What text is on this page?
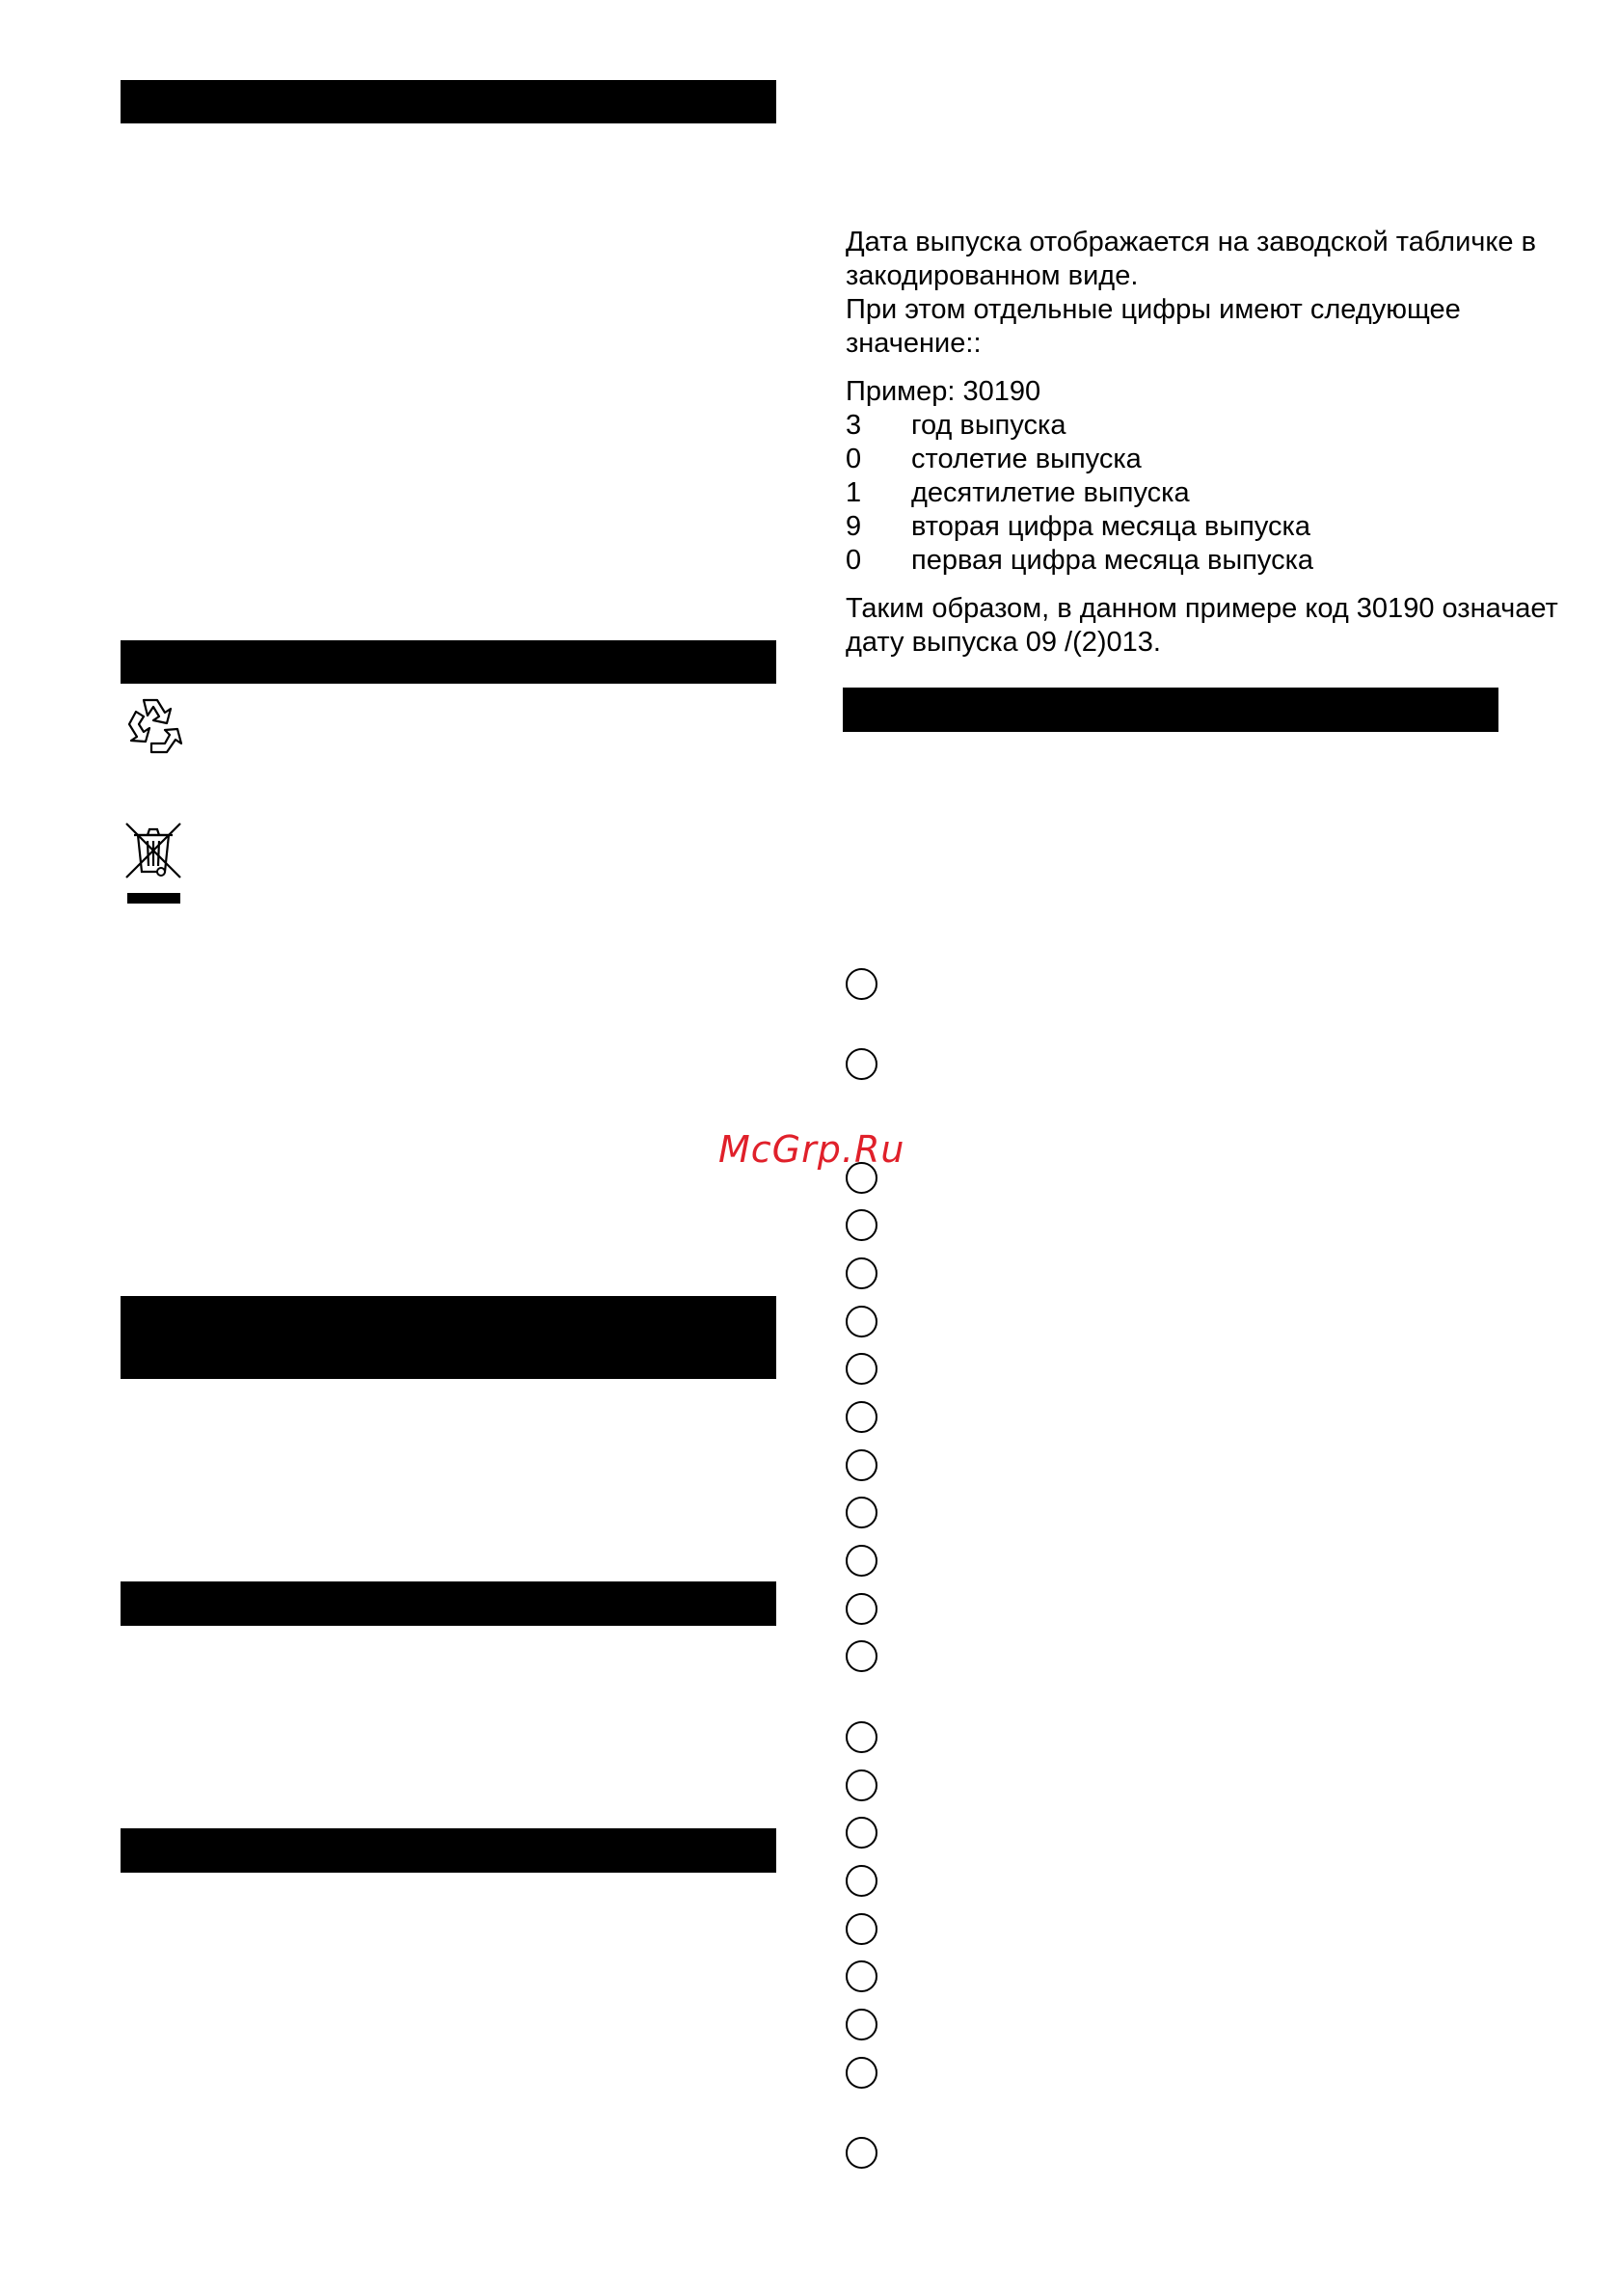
Дата выпуска отображается на заводской табличке в закодированном виде.

При этом отдельные цифры имеют следующее значение::

Пример: 30190

3	год выпуска
0	столетие выпуска
1	десятилетие выпуска
9	вторая цифра месяца выпуска
0	первая цифра месяца выпуска

Таким образом, в данном примере код 30190 означает дату выпуска 09 /(2)013.

McGrp.Ru
